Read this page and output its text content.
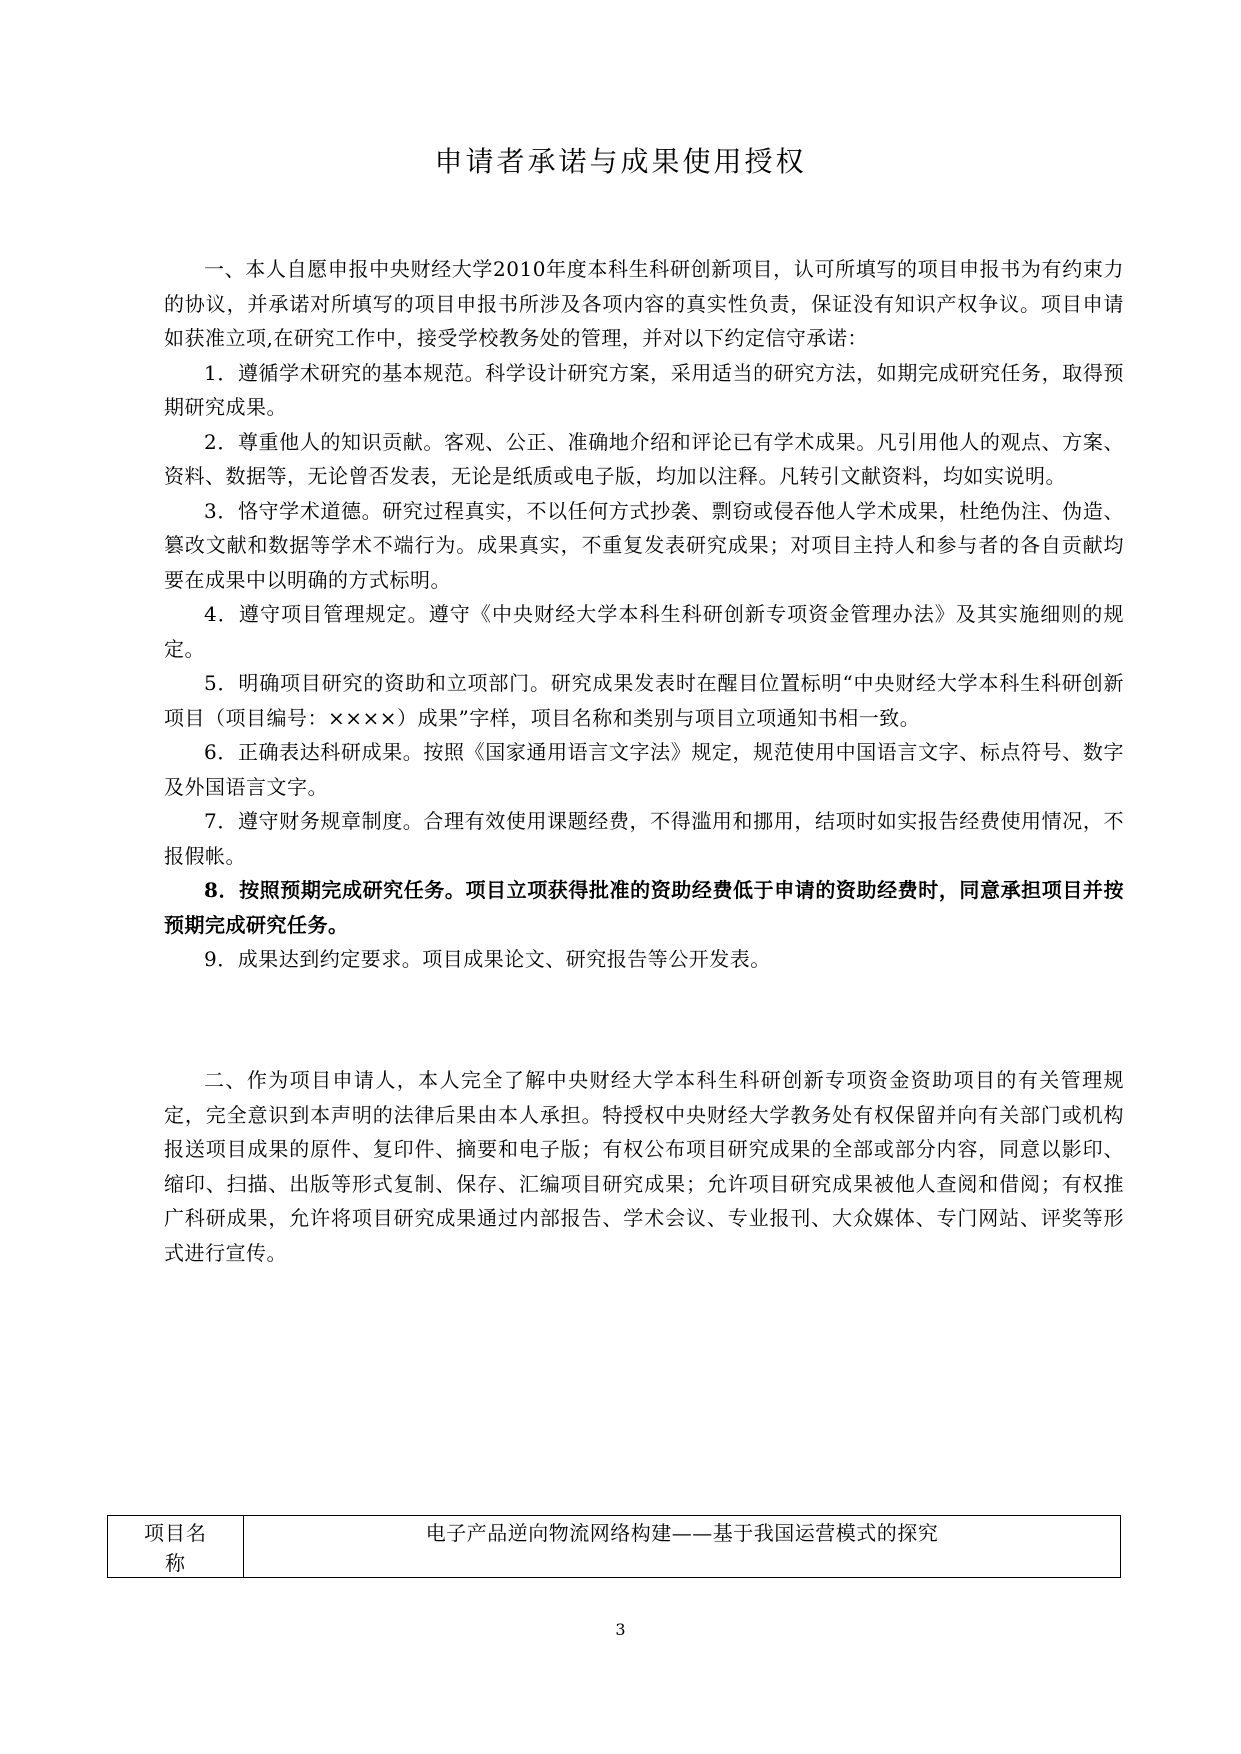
申请者承诺与成果使用授权

一、本人自愿申报中央财经大学2010年度本科生科研创新项目，认可所填写的项目申报书为有约束力的协议，并承诺对所填写的项目申报书所涉及各项内容的真实性负责，保证没有知识产权争议。项目申请如获准立项,在研究工作中，接受学校教务处的管理，并对以下约定信守承诺：

1．遵循学术研究的基本规范。科学设计研究方案，采用适当的研究方法，如期完成研究任务，取得预期研究成果。

2．尊重他人的知识贡献。客观、公正、准确地介绍和评论已有学术成果。凡引用他人的观点、方案、资料、数据等，无论曾否发表，无论是纸质或电子版，均加以注释。凡转引文献资料，均如实说明。

3．恪守学术道德。研究过程真实，不以任何方式抄袭、剽窃或侵吞他人学术成果，杜绝伪注、伪造、篡改文献和数据等学术不端行为。成果真实，不重复发表研究成果；对项目主持人和参与者的各自贡献均要在成果中以明确的方式标明。

4．遵守项目管理规定。遵守《中央财经大学本科生科研创新专项资金管理办法》及其实施细则的规定。

5．明确项目研究的资助和立项部门。研究成果发表时在醒目位置标明“中央财经大学本科生科研创新项目（项目编号：××××）成果”字样，项目名称和类别与项目立项通知书相一致。

6．正确表达科研成果。按照《国家通用语言文字法》规定，规范使用中国语言文字、标点符号、数字及外国语言文字。

7．遵守财务规章制度。合理有效使用课题经费，不得滥用和挪用，结项时如实报告经费使用情况，不报假帐。

8．按照预期完成研究任务。项目立项获得批准的资助经费低于申请的资助经费时，同意承担项目并按预期完成研究任务。

9．成果达到约定要求。项目成果论文、研究报告等公开发表。

二、作为项目申请人，本人完全了解中央财经大学本科生科研创新专项资金资助项目的有关管理规定，完全意识到本声明的法律后果由本人承担。特授权中央财经大学教务处有权保留并向有关部门或机构报送项目成果的原件、复印件、摘要和电子版；有权公布项目研究成果的全部或部分内容，同意以影印、缩印、扫描、出版等形式复制、保存、汇编项目研究成果；允许项目研究成果被他人查阅和借阅；有权推广科研成果，允许将项目研究成果通过内部报告、学术会议、专业报刊、大众媒体、专门网站、评奖等形式进行宣传。

项目名
称
电子产品逆向物流网络构建——基于我国运营模式的探究
3
